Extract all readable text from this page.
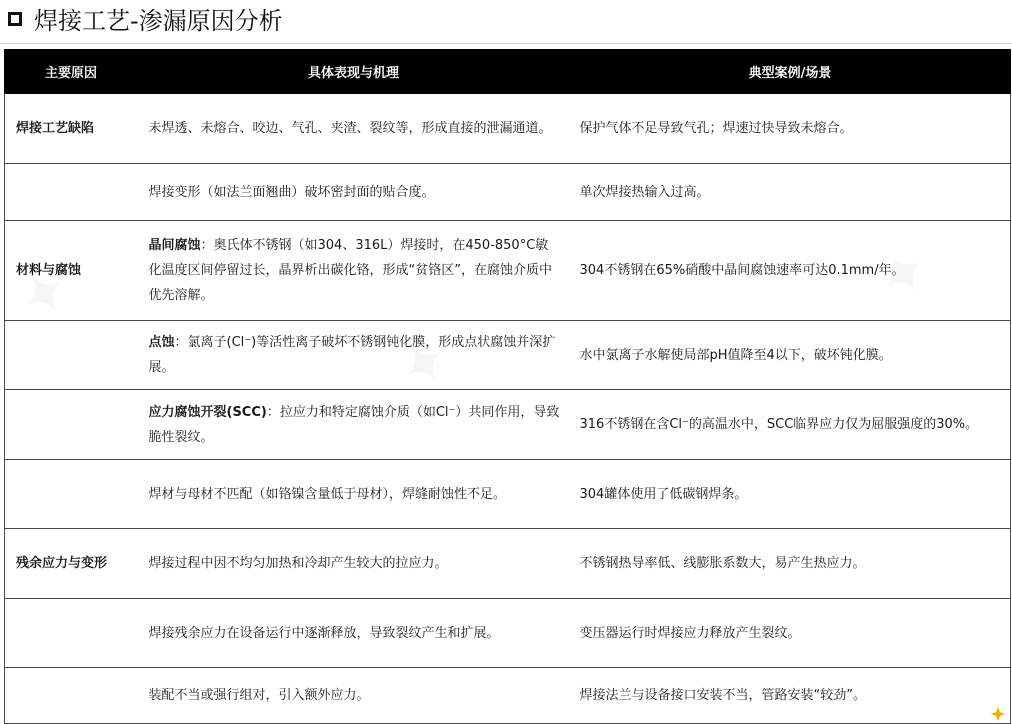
焊接工艺-渗漏原因分析
主要原因	具体表现与机理	典型案例/场景
焊接工艺缺陷	未焊透、未熔合、咬边、气孔、夹渣、裂纹等，形成直接的泄漏通道。	保护气体不足导致气孔；焊速过快导致未熔合。
	焊接变形（如法兰面翘曲）破坏密封面的贴合度。	单次焊接热输入过高。
材料与腐蚀	晶间腐蚀：奥氏体不锈钢（如304、316L）焊接时，在450-850°C敏化温度区间停留过长，晶界析出碳化铬，形成“贫铬区”，在腐蚀介质中优先溶解。	304不锈钢在65%硝酸中晶间腐蚀速率可达0.1mm/年。
	点蚀：氯离子(Cl⁻)等活性离子破坏不锈钢钝化膜，形成点状腐蚀并深扩展。	水中氯离子水解使局部pH值降至4以下，破坏钝化膜。
	应力腐蚀开裂(SCC)：拉应力和特定腐蚀介质（如Cl⁻）共同作用，导致脆性裂纹。	316不锈钢在含Cl⁻的高温水中，SCC临界应力仅为屈服强度的30%。
	焊材与母材不匹配（如铬镍含量低于母材），焊缝耐蚀性不足。	304罐体使用了低碳钢焊条。
残余应力与变形	焊接过程中因不均匀加热和冷却产生较大的拉应力。	不锈钢热导率低、线膨胀系数大，易产生热应力。
	焊接残余应力在设备运行中逐渐释放，导致裂纹产生和扩展。	变压器运行时焊接应力释放产生裂纹。
	装配不当或强行组对，引入额外应力。	焊接法兰与设备接口安装不当，管路安装“较劲”。
